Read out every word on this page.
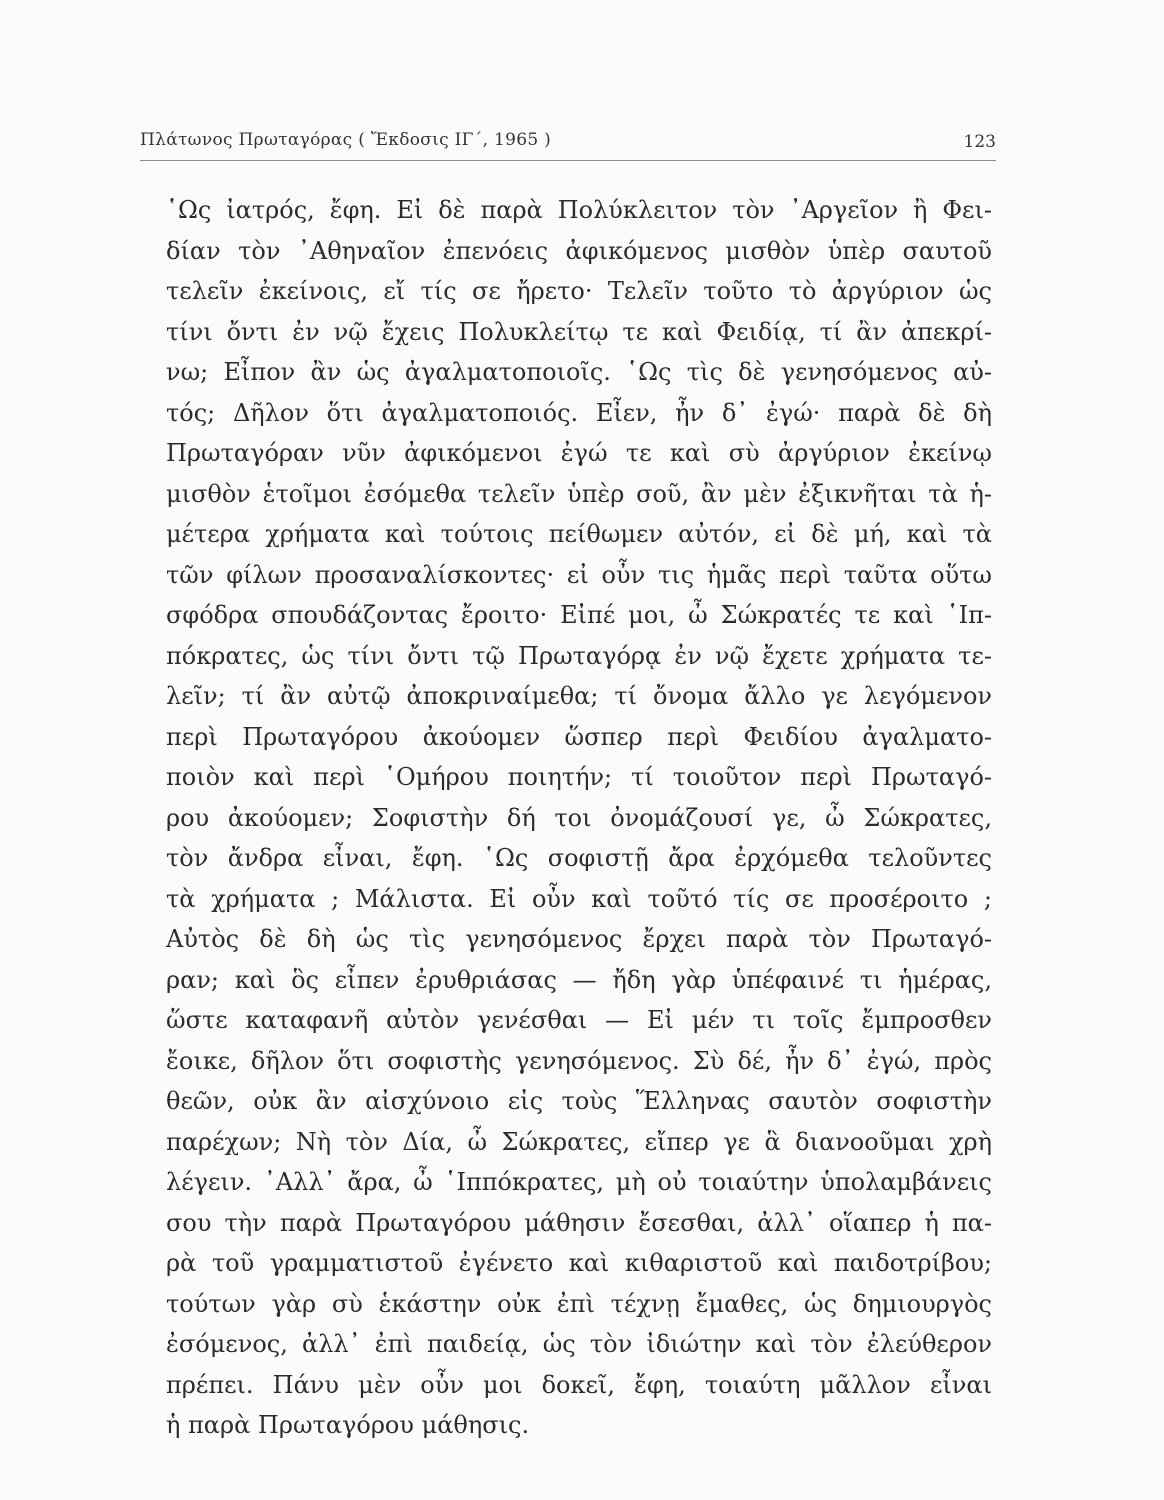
Πλάτωνος Πρωταγόρας ( Ἔκδοσις ΙΓ΄, 1965 )	123
῾Ως ἰατρός, ἔφη. Εἰ δὲ παρὰ Πολύκλειτον τὸν ᾿Αργεῖον ἢ Φει-
δίαν τὸν ᾿Αθηναῖον ἐπενόεις ἀφικόμενος μισθὸν ὑπὲρ σαυτοῦ
τελεῖν ἐκείνοις, εἴ τίς σε ἤρετο· Τελεῖν τοῦτο τὸ ἀργύριον ὡς
τίνι ὄντι ἐν νῷ ἔχεις Πολυκλείτῳ τε καὶ Φειδίᾳ, τί ἂν ἀπεκρί-
νω; Εἶπον ἂν ὡς ἀγαλματοποιοῖς. ῾Ως τὶς δὲ γενησόμενος αὐ-
τός; Δῆλον ὅτι ἀγαλματοποιός. Εἶεν, ἦν δ᾽ ἐγώ· παρὰ δὲ δὴ
Πρωταγόραν νῦν ἀφικόμενοι ἐγώ τε καὶ σὺ ἀργύριον ἐκείνῳ
μισθὸν ἑτοῖμοι ἐσόμεθα τελεῖν ὑπὲρ σοῦ, ἂν μὲν ἐξικνῆται τὰ ἡ-
μέτερα χρήματα καὶ τούτοις πείθωμεν αὐτόν, εἰ δὲ μή, καὶ τὰ
τῶν φίλων προσαναλίσκοντες· εἰ οὖν τις ἡμᾶς περὶ ταῦτα οὕτω
σφόδρα σπουδάζοντας ἔροιτο· Εἰπέ μοι, ὦ Σώκρατές τε καὶ ῾Ιπ-
πόκρατες, ὡς τίνι ὄντι τῷ Πρωταγόρᾳ ἐν νῷ ἔχετε χρήματα τε-
λεῖν; τί ἂν αὐτῷ ἀποκριναίμεθα; τί ὄνομα ἄλλο γε λεγόμενον
περὶ Πρωταγόρου ἀκούομεν ὥσπερ περὶ Φειδίου ἀγαλματο-
ποιὸν καὶ περὶ ῾Ομήρου ποιητήν; τί τοιοῦτον περὶ Πρωταγό-
ρου ἀκούομεν; Σοφιστὴν δή τοι ὀνομάζουσί γε, ὦ Σώκρατες,
τὸν ἄνδρα εἶναι, ἔφη. ῾Ως σοφιστῇ ἄρα ἐρχόμεθα τελοῦντες
τὰ χρήματα ; Μάλιστα. Εἰ οὖν καὶ τοῦτό τίς σε προσέροιτο ;
Αὐτὸς δὲ δὴ ὡς τὶς γενησόμενος ἔρχει παρὰ τὸν Πρωταγό-
ραν; καὶ ὃς εἶπεν ἐρυθριάσας — ἤδη γὰρ ὑπέφαινέ τι ἡμέρας,
ὥστε καταφανῆ αὐτὸν γενέσθαι — Εἰ μέν τι τοῖς ἔμπροσθεν
ἔοικε, δῆλον ὅτι σοφιστὴς γενησόμενος. Σὺ δέ, ἦν δ᾽ ἐγώ, πρὸς
θεῶν, οὐκ ἂν αἰσχύνοιο εἰς τοὺς Ἕλληνας σαυτὸν σοφιστὴν
παρέχων; Νὴ τὸν Δία, ὦ Σώκρατες, εἴπερ γε ἃ διανοοῦμαι χρὴ
λέγειν. ᾿Αλλ᾽ ἄρα, ὦ ῾Ιππόκρατες, μὴ οὐ τοιαύτην ὑπολαμβάνεις
σου τὴν παρὰ Πρωταγόρου μάθησιν ἔσεσθαι, ἀλλ᾽ οἵαπερ ἡ πα-
ρὰ τοῦ γραμματιστοῦ ἐγένετο καὶ κιθαριστοῦ καὶ παιδοτρίβου;
τούτων γὰρ σὺ ἑκάστην οὐκ ἐπὶ τέχνῃ ἔμαθες, ὡς δημιουργὸς
ἐσόμενος, ἀλλ᾽ ἐπὶ παιδείᾳ, ὡς τὸν ἰδιώτην καὶ τὸν ἐλεύθερον
πρέπει. Πάνυ μὲν οὖν μοι δοκεῖ, ἔφη, τοιαύτη μᾶλλον εἶναι
ἡ παρὰ Πρωταγόρου μάθησις.
